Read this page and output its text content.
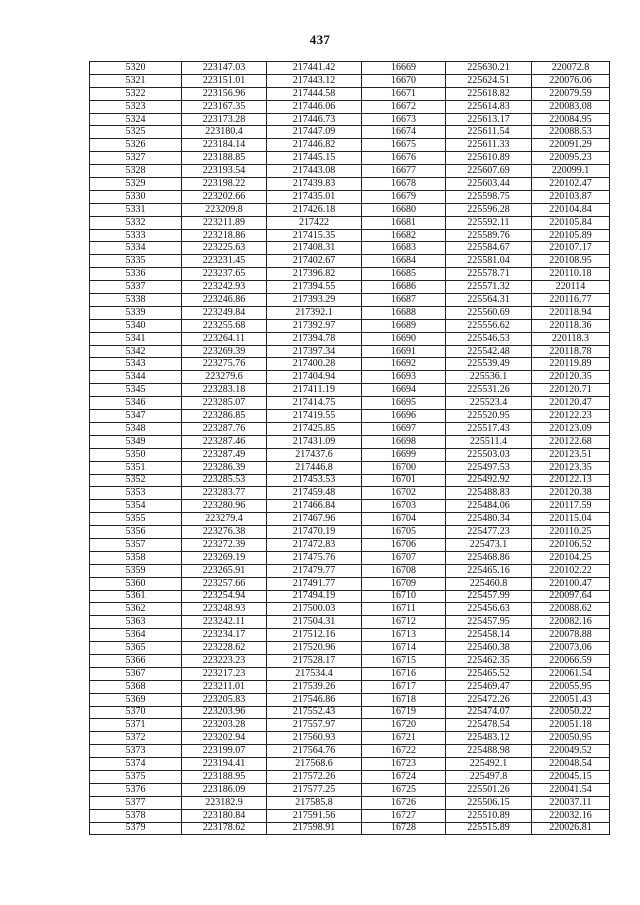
437
5320	223147.03	217441.42	16669	225630.21	220072.8
5321	223151.01	217443.12	16670	225624.51	220076.06
5322	223156.96	217444.58	16671	225618.82	220079.59
5323	223167.35	217446.06	16672	225614.83	220083.08
5324	223173.28	217446.73	16673	225613.17	220084.95
5325	223180.4	217447.09	16674	225611.54	220088.53
5326	223184.14	217446.82	16675	225611.33	220091.29
5327	223188.85	217445.15	16676	225610.89	220095.23
5328	223193.54	217443.08	16677	225607.69	220099.1
5329	223198.22	217439.83	16678	225603.44	220102.47
5330	223202.66	217435.01	16679	225598.75	220103.87
5331	223209.8	217426.18	16680	225596.28	220104.84
5332	223211.89	217422	16681	225592.11	220105.84
5333	223218.86	217415.35	16682	225589.76	220105.89
5334	223225.63	217408.31	16683	225584.67	220107.17
5335	223231.45	217402.67	16684	225581.04	220108.95
5336	223237.65	217396.82	16685	225578.71	220110.18
5337	223242.93	217394.55	16686	225571.32	220114
5338	223246.86	217393.29	16687	225564.31	220116.77
5339	223249.84	217392.1	16688	225560.69	220118.94
5340	223255.68	217392.97	16689	225556.62	220118.36
5341	223264.11	217394.78	16690	225546.53	220118.3
5342	223269.39	217397.34	16691	225542.48	220118.78
5343	223275.76	217400.28	16692	225539.49	220119.89
5344	223279.6	217404.94	16693	225536.1	220120.35
5345	223283.18	217411.19	16694	225531.26	220120.71
5346	223285.07	217414.75	16695	225523.4	220120.47
5347	223286.85	217419.55	16696	225520.95	220122.23
5348	223287.76	217425.85	16697	225517.43	220123.09
5349	223287.46	217431.09	16698	225511.4	220122.68
5350	223287.49	217437.6	16699	225503.03	220123.51
5351	223286.39	217446.8	16700	225497.53	220123.35
5352	223285.53	217453.53	16701	225492.92	220122.13
5353	223283.77	217459.48	16702	225488.83	220120.38
5354	223280.96	217466.84	16703	225484.06	220117.59
5355	223279.4	217467.96	16704	225480.34	220115.04
5356	223276.38	217470.19	16705	225477.23	220110.25
5357	223272.39	217472.83	16706	225473.1	220106.52
5358	223269.19	217475.76	16707	225468.86	220104.25
5359	223265.91	217479.77	16708	225465.16	220102.22
5360	223257.66	217491.77	16709	225460.8	220100.47
5361	223254.94	217494.19	16710	225457.99	220097.64
5362	223248.93	217500.03	16711	225456.63	220088.62
5363	223242.11	217504.31	16712	225457.95	220082.16
5364	223234.17	217512.16	16713	225458.14	220078.88
5365	223228.62	217520.96	16714	225460.38	220073.06
5366	223223.23	217528.17	16715	225462.35	220066.59
5367	223217.23	217534.4	16716	225465.52	220061.54
5368	223211.01	217539.26	16717	225469.47	220055.95
5369	223205.83	217546.86	16718	225472.26	220051.43
5370	223203.96	217552.43	16719	225474.07	220050.22
5371	223203.28	217557.97	16720	225478.54	220051.18
5372	223202.94	217560.93	16721	225483.12	220050.95
5373	223199.07	217564.76	16722	225488.98	220049.52
5374	223194.41	217568.6	16723	225492.1	220048.54
5375	223188.95	217572.26	16724	225497.8	220045.15
5376	223186.09	217577.25	16725	225501.26	220041.54
5377	223182.9	217585.8	16726	225506.15	220037.11
5378	223180.84	217591.56	16727	225510.89	220032.16
5379	223178.62	217598.91	16728	225515.89	220026.81
